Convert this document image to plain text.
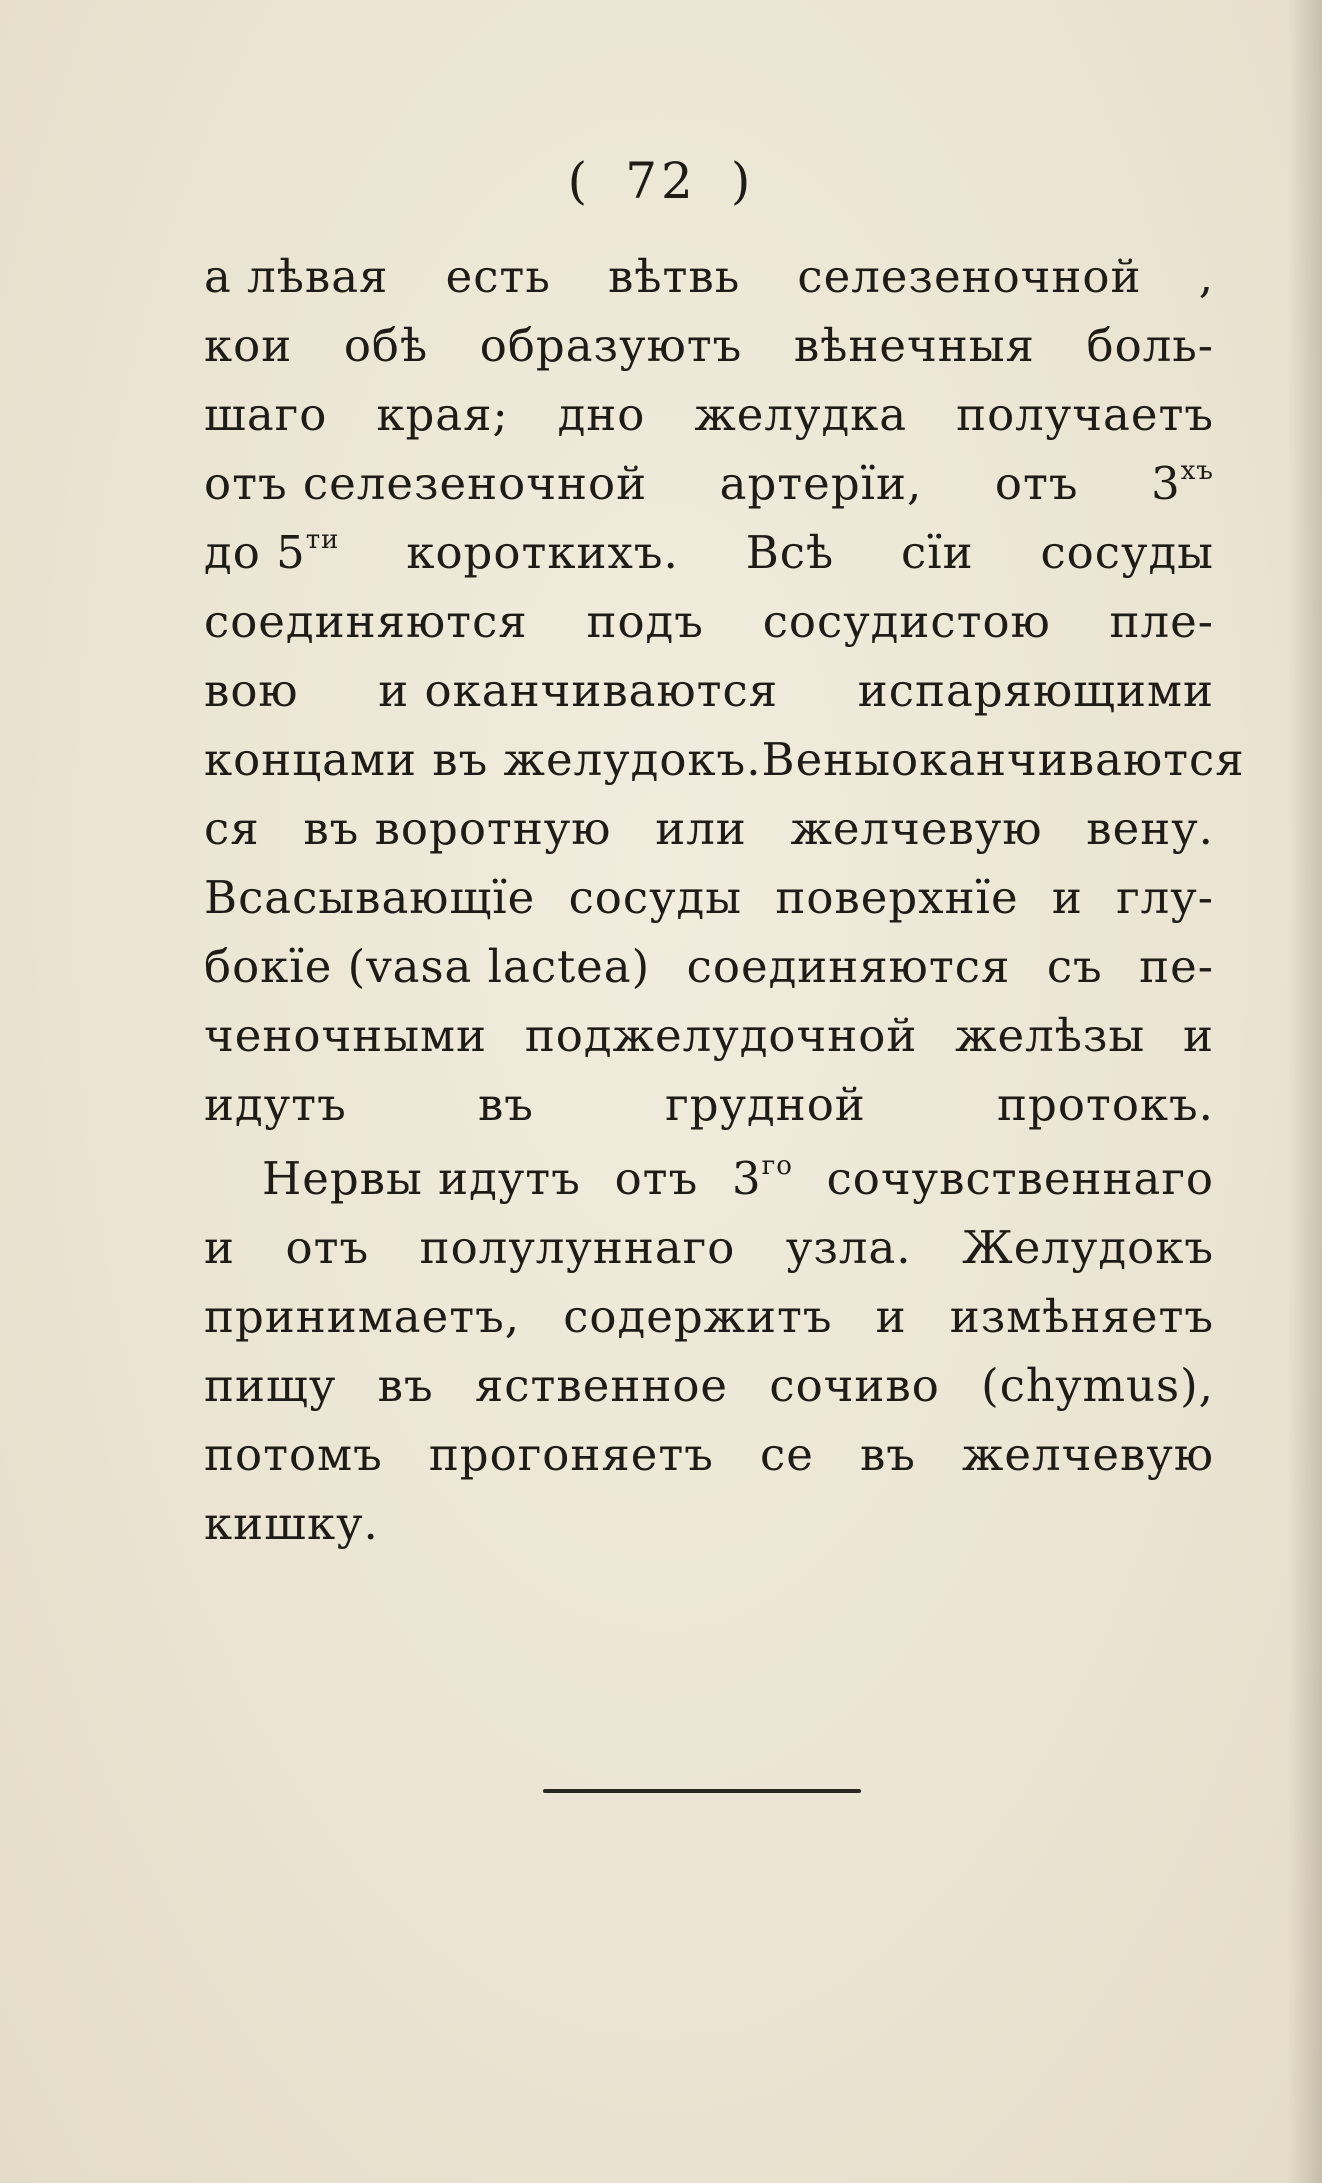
( 72 )
а лѣвая есть вѣтвь селезеночной ,
кои обѣ образуютъ вѣнечныя боль-
шаго края; дно желудка получаетъ
отъ селезеночной артерïи, отъ $3^{хъ}$
до $5^{ти}$ короткихъ. Всѣ сïи сосуды
соединяются подъ сосудистою пле-
вою и оканчиваются испаряющими
концами въ желудокъ. Вены оканчиваются
ся въ воротную или желчевую вену.
Всасывающïе сосуды поверхнïе и глу-
бокïе (vasa lactea) соединяются съ пе-
ченочными поджелудочной желѣзы и
идутъ	въ	грудной	протокъ.
Нервы идутъ отъ $3^{го}$ сочувственнаго
и отъ полулуннаго узла. Желудокъ
принимаетъ, содержитъ и измѣняетъ
пищу въ яственное сочиво (chymus),
потомъ прогоняетъ се въ желчевую
кишку.
